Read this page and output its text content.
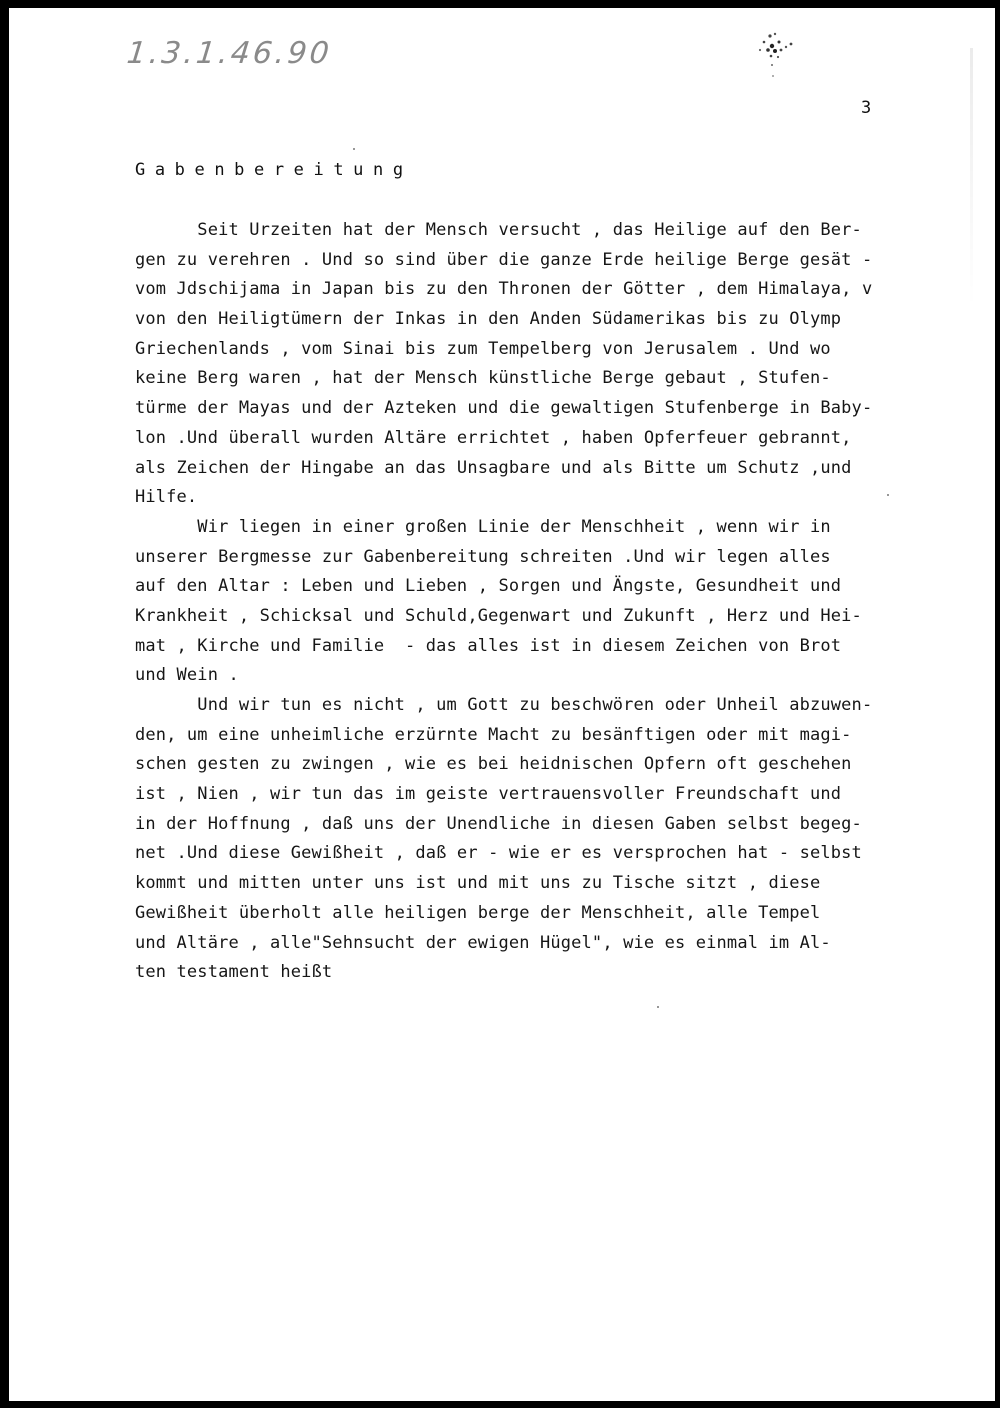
1.3.1.46.90
3
Gabenbereitung
Seit Urzeiten hat der Mensch versucht , das Heilige auf den Ber-
gen zu verehren . Und so sind über die ganze Erde heilige Berge gesät -
vom Jdschijama in Japan bis zu den Thronen der Götter , dem Himalaya, v
von den Heiligtümern der Inkas in den Anden Südamerikas bis zu Olymp
Griechenlands , vom Sinai bis zum Tempelberg von Jerusalem . Und wo
keine Berg waren , hat der Mensch künstliche Berge gebaut , Stufen-
türme der Mayas und der Azteken und die gewaltigen Stufenberge in Baby-
lon .Und überall wurden Altäre errichtet , haben Opferfeuer gebrannt,
als Zeichen der Hingabe an das Unsagbare und als Bitte um Schutz ,und
Hilfe.
Wir liegen in einer großen Linie der Menschheit , wenn wir in
unserer Bergmesse zur Gabenbereitung schreiten .Und wir legen alles
auf den Altar : Leben und Lieben , Sorgen und Ängste, Gesundheit und
Krankheit , Schicksal und Schuld,Gegenwart und Zukunft , Herz und Hei-
mat , Kirche und Familie  - das alles ist in diesem Zeichen von Brot
und Wein .
Und wir tun es nicht , um Gott zu beschwören oder Unheil abzuwen-
den, um eine unheimliche erzürnte Macht zu besänftigen oder mit magi-
schen gesten zu zwingen , wie es bei heidnischen Opfern oft geschehen
ist , Nien , wir tun das im geiste vertrauensvoller Freundschaft und
in der Hoffnung , daß uns der Unendliche in diesen Gaben selbst begeg-
net .Und diese Gewißheit , daß er - wie er es versprochen hat - selbst
kommt und mitten unter uns ist und mit uns zu Tische sitzt , diese
Gewißheit überholt alle heiligen berge der Menschheit, alle Tempel
und Altäre , alle"Sehnsucht der ewigen Hügel", wie es einmal im Al-
ten testament heißt
